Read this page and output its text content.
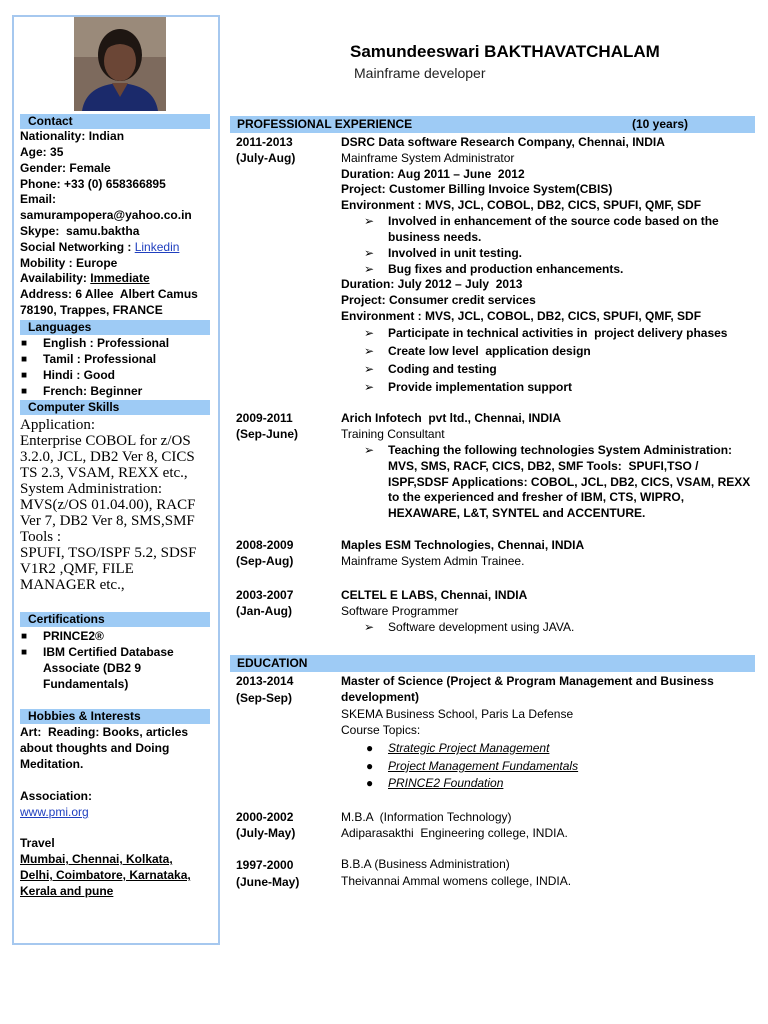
Contact
Nationality: Indian
Age: 35
Gender: Female
Phone: +33 (0) 658366895
Email:
samurampopera@yahoo.co.in
Skype: samu.baktha
Social Networking : Linkedin
Mobility : Europe
Availability: Immediate
Address: 6 Allee  Albert Camus
78190, Trappes, FRANCE
Languages
■ English : Professional
■ Tamil : Professional
■ Hindi : Good
■ French: Beginner
Computer Skills
Application:
Enterprise COBOL for z/OS
3.2.0, JCL, DB2 Ver 8, CICS
TS 2.3, VSAM, REXX etc.,
System Administration:
MVS(z/OS 01.04.00), RACF
Ver 7, DB2 Ver 8, SMS,SMF
Tools :
SPUFI, TSO/ISPF 5.2, SDSF
V1R2 ,QMF, FILE
MANAGER etc.,
Certifications
■ PRINCE2®
■ IBM Certified Database
Associate (DB2 9
Fundamentals)
Hobbies & Interests
Art:  Reading: Books, articles
about thoughts and Doing
Meditation.
Association:
www.pmi.org
Travel
Mumbai, Chennai, Kolkata,
Delhi, Coimbatore, Karnataka,
Kerala and pune
Samundeeswari BAKTHAVATCHALAM
Mainframe developer
PROFESSIONAL EXPERIENCE	(10 years)
2011-2013
(July-Aug)
DSRC Data software Research Company, Chennai, INDIA
Mainframe System Administrator
Duration: Aug 2011 – June  2012
Project: Customer Billing Invoice System(CBIS)
Environment : MVS, JCL, COBOL, DB2, CICS, SPUFI, QMF, SDF
➢ Involved in enhancement of the source code based on the
business needs.
➢ Involved in unit testing.
➢ Bug fixes and production enhancements.
Duration: July 2012 – July  2013
Project: Consumer credit services
Environment : MVS, JCL, COBOL, DB2, CICS, SPUFI, QMF, SDF
➢ Participate in technical activities in  project delivery phases
➢ Create low level  application design
➢ Coding and testing
➢ Provide implementation support
2009-2011
(Sep-June)
Arich Infotech  pvt ltd., Chennai, INDIA
Training Consultant
➢ Teaching the following technologies System Administration:
MVS, SMS, RACF, CICS, DB2, SMF Tools:  SPUFI,TSO /
ISPF,SDSF Applications: COBOL, JCL, DB2, CICS, VSAM, REXX
to the experienced and fresher of IBM, CTS, WIPRO,
HEXAWARE, L&T, SYNTEL and ACCENTURE.
2008-2009
(Sep-Aug)
Maples ESM Technologies, Chennai, INDIA
Mainframe System Admin Trainee.
2003-2007
(Jan-Aug)
CELTEL E LABS, Chennai, INDIA
Software Programmer
➢ Software development using JAVA.
EDUCATION
2013-2014
(Sep-Sep)
Master of Science (Project & Program Management and Business
development)
SKEMA Business School, Paris La Defense
Course Topics:
● Strategic Project Management
● Project Management Fundamentals
● PRINCE2 Foundation
2000-2002
(July-May)
M.B.A  (Information Technology)
Adiparasakthi  Engineering college, INDIA.
1997-2000
(June-May)
B.B.A (Business Administration)
Theivannai Ammal womens college, INDIA.
